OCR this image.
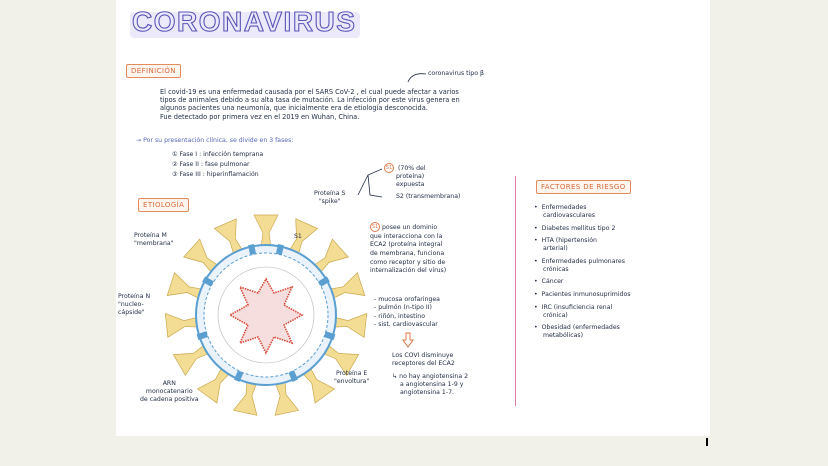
CORONAVIRUS
DEFINICIÓN	coronavirus tipo β
El covid-19 es una enfermedad causada por el SARS CoV-2 , el cual puede afectar a varios
tipos de animales debido a su alta tasa de mutación. La infección por este virus genera en
algunos pacientes una neumonía, que inicialmente era de etiología desconocida.
Fue detectado por primera vez en el 2019 en Wuhan, China.
→ Por su presentación clínica, se divide en 3 fases:
① Fase I : infección temprana
② Fase II : fase pulmonar
③ Fase III : hiperinflamación
ETIOLOGÍA
Proteína S
"spike"
S1
Proteína M
"membrana"
Proteína N
"nucleo-
cápside"
ARN
monocatenario
de cadena positiva
Proteína E
"envoltura"
S1 (70% del
proteína)
expuesta
S2 (transmembrana)
S1 posee un dominio
que interacciona con la
ECA2 (proteína integral
de membrana, funciona
como receptor y sitio de
internalización del virus)
- mucosa orofaringea
- pulmón (n-tipo II)
- riñón, intestino
- sist. cardiovascular
Los COVI disminuye
receptores del ECA2
↳ no hay angiotensina 2
a angiotensina 1-9 y
angiotensina 1-7.
FACTORES DE RIESGO
• Enfermedades
cardiovasculares
• Diabetes mellitus tipo 2
• HTA (hipertensión
arterial)
• Enfermedades pulmonares
crónicas
• Cáncer
• Pacientes inmunosuprimidos
• IRC (insuficiencia renal
crónica)
• Obesidad (enfermedades
metabólicas)
